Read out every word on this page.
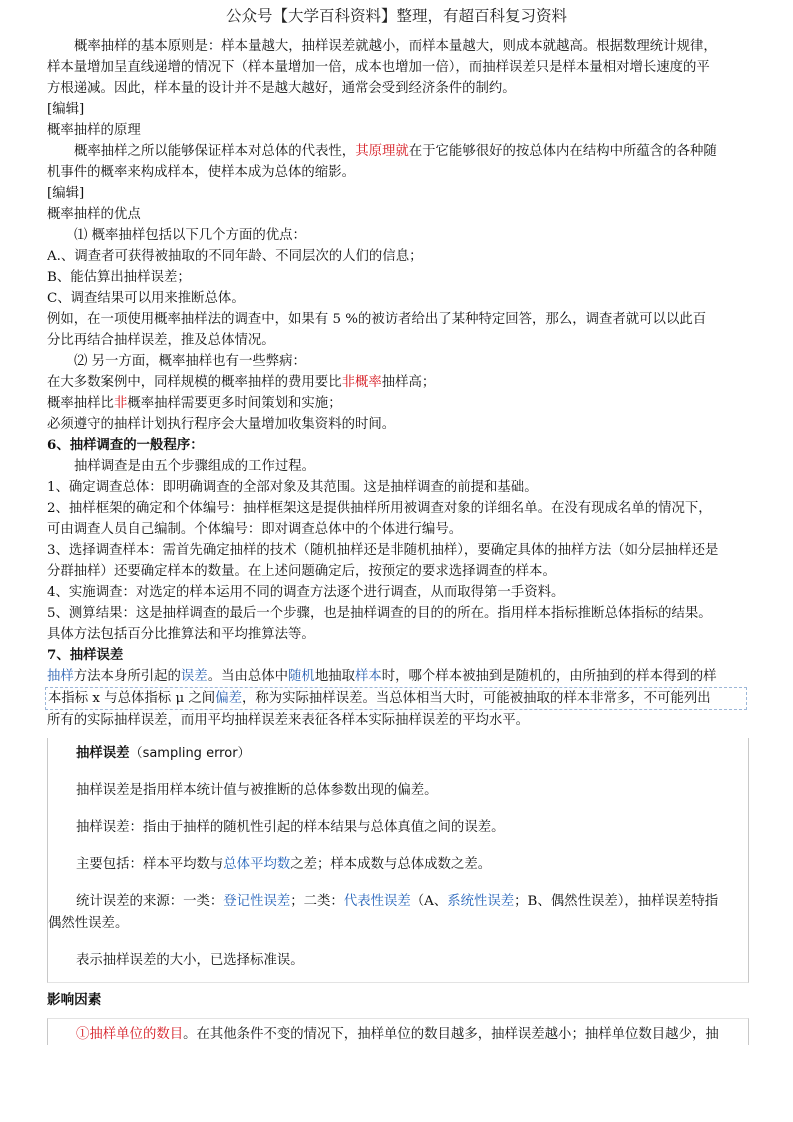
公众号【大学百科资料】整理，有超百科复习资料
概率抽样的基本原则是：样本量越大，抽样误差就越小，而样本量越大，则成本就越高。根据数理统计规律，
样本量增加呈直线递增的情况下（样本量增加一倍，成本也增加一倍），而抽样误差只是样本量相对增长速度的平
方根递减。因此，样本量的设计并不是越大越好，通常会受到经济条件的制约。
[编辑]
概率抽样的原理
概率抽样之所以能够保证样本对总体的代表性，其原理就在于它能够很好的按总体内在结构中所蕴含的各种随
机事件的概率来构成样本，使样本成为总体的缩影。
[编辑]
概率抽样的优点
⑴ 概率抽样包括以下几个方面的优点：
A.、调查者可获得被抽取的不同年龄、不同层次的人们的信息；
B、能估算出抽样误差；
C、调查结果可以用来推断总体。
例如，在一项使用概率抽样法的调查中，如果有 5 %的被访者给出了某种特定回答，那么，调查者就可以以此百
分比再结合抽样误差，推及总体情况。
⑵ 另一方面，概率抽样也有一些弊病：
在大多数案例中，同样规模的概率抽样的费用要比非概率抽样高；
概率抽样比非概率抽样需要更多时间策划和实施；
必须遵守的抽样计划执行程序会大量增加收集资料的时间。
6、抽样调查的一般程序：
抽样调查是由五个步骤组成的工作过程。
1、确定调查总体：即明确调查的全部对象及其范围。这是抽样调查的前提和基础。
2、抽样框架的确定和个体编号：抽样框架这是提供抽样所用被调查对象的详细名单。在没有现成名单的情况下，
可由调查人员自己编制。个体编号：即对调查总体中的个体进行编号。
3、选择调查样本：需首先确定抽样的技术（随机抽样还是非随机抽样），要确定具体的抽样方法（如分层抽样还是
分群抽样）还要确定样本的数量。在上述问题确定后，按预定的要求选择调查的样本。
4、实施调查：对选定的样本运用不同的调查方法逐个进行调查，从而取得第一手资料。
5、测算结果：这是抽样调查的最后一个步骤，也是抽样调查的目的的所在。指用样本指标推断总体指标的结果。
具体方法包括百分比推算法和平均推算法等。
7、抽样误差
抽样方法本身所引起的误差。当由总体中随机地抽取样本时，哪个样本被抽到是随机的，由所抽到的样本得到的样
本指标 x 与总体指标 μ 之间偏差，称为实际抽样误差。当总体相当大时，可能被抽取的样本非常多，不可能列出
所有的实际抽样误差，而用平均抽样误差来表征各样本实际抽样误差的平均水平。

抽样误差（sampling error）

抽样误差是指用样本统计值与被推断的总体参数出现的偏差。

抽样误差：指由于抽样的随机性引起的样本结果与总体真值之间的误差。

主要包括：样本平均数与总体平均数之差；样本成数与总体成数之差。

统计误差的来源：一类：登记性误差；二类：代表性误差（A、系统性误差；B、偶然性误差），抽样误差特指

偶然性误差。

表示抽样误差的大小，已选择标准误。

影响因素

①抽样单位的数目。在其他条件不变的情况下，抽样单位的数目越多，抽样误差越小；抽样单位数目越少，抽
